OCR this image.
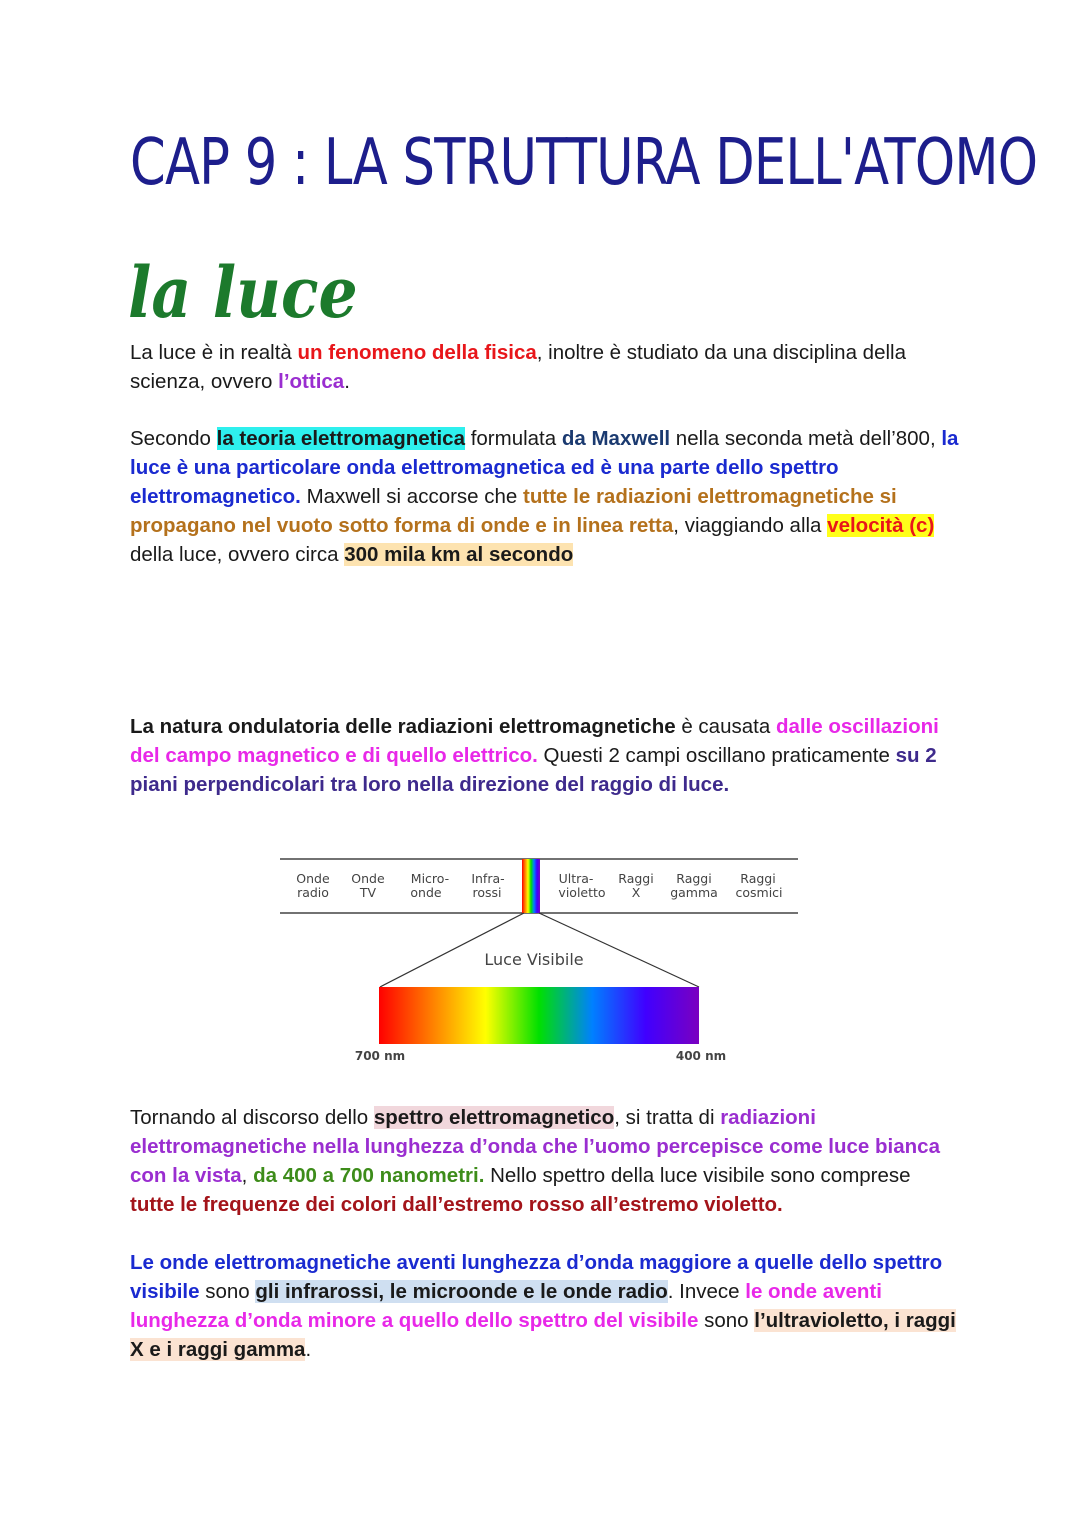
CAP 9 : LA STRUTTURA DELL'ATOMO
la luce

La luce è in realtà un fenomeno della fisica, inoltre è studiato da una disciplina della scienza, ovvero l’ottica.

Secondo la teoria elettromagnetica formulata da Maxwell nella seconda metà dell’800, la luce è una particolare onda elettromagnetica ed è una parte dello spettro elettromagnetico. Maxwell si accorse che tutte le radiazioni elettromagnetiche si propagano nel vuoto sotto forma di onde e in linea retta, viaggiando alla velocità (c) della luce, ovvero circa 300 mila km al secondo

La natura ondulatoria delle radiazioni elettromagnetiche è causata dalle oscillazioni del campo magnetico e di quello elettrico. Questi 2 campi oscillano praticamente su 2 piani perpendicolari tra loro nella direzione del raggio di luce.

Onde
radio
Onde
TV
Micro-
onde
Infra-
rossi
Ultra-
violetto
Raggi
X
Raggi
gamma
Raggi
cosmici
Luce Visibile
700 nm	400 nm

Tornando al discorso dello spettro elettromagnetico, si tratta di radiazioni elettromagnetiche nella lunghezza d’onda che l’uomo percepisce come luce bianca con la vista, da 400 a 700 nanometri. Nello spettro della luce visibile sono comprese tutte le frequenze dei colori dall’estremo rosso all’estremo violetto.

Le onde elettromagnetiche aventi lunghezza d’onda maggiore a quelle dello spettro visibile sono gli infrarossi, le microonde e le onde radio. Invece le onde aventi lunghezza d’onda minore a quello dello spettro del visibile sono l’ultravioletto, i raggi X e i raggi gamma.
